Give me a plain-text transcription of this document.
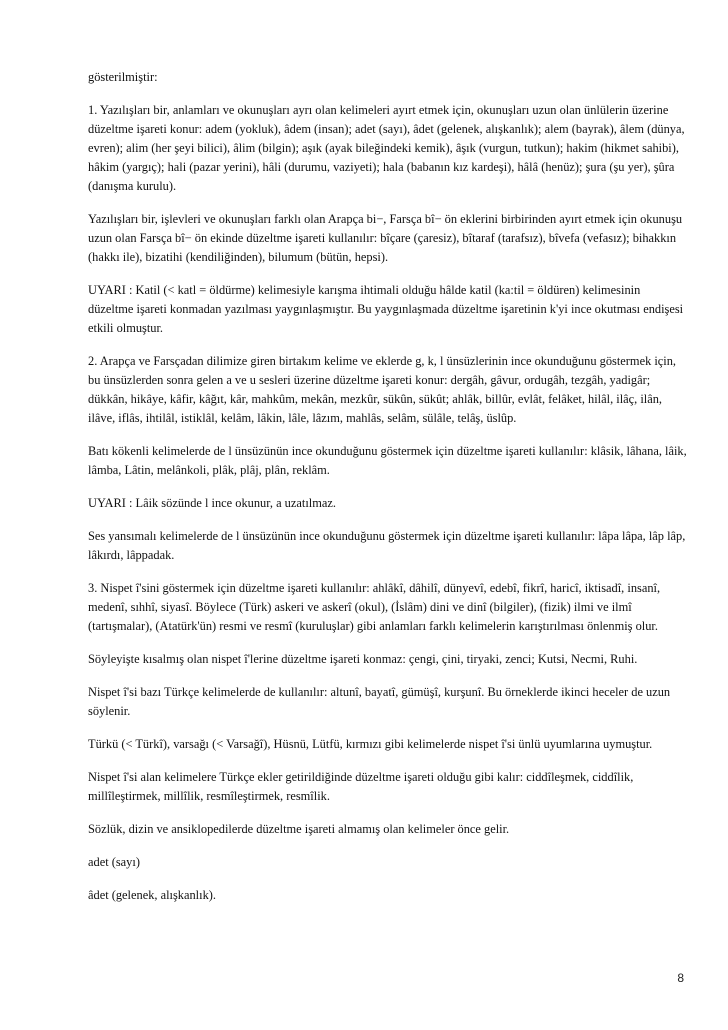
gösterilmiştir:

1. Yazılışları bir, anlamları ve okunuşları ayrı olan kelimeleri ayırt etmek için, okunuşları uzun olan ünlülerin üzerine düzeltme işareti konur: adem (yokluk), âdem (insan); adet (sayı), âdet (gelenek, alışkanlık); alem (bayrak), âlem (dünya, evren); alim (her şeyi bilici), âlim (bilgin); aşık (ayak bileğindeki kemik), âşık (vurgun, tutkun); hakim (hikmet sahibi), hâkim (yargıç); hali (pazar yerini), hâli (durumu, vaziyeti); hala (babanın kız kardeşi), hâlâ (henüz); şura (şu yer), şûra (danışma kurulu).

Yazılışları bir, işlevleri ve okunuşları farklı olan Arapça bi−, Farsça bî− ön eklerini birbirinden ayırt etmek için okunuşu uzun olan Farsça bî− ön ekinde düzeltme işareti kullanılır: bîçare (çaresiz), bîtaraf (tarafsız), bîvefa (vefasız); bihakkın (hakkı ile), bizatihi (kendiliğinden), bilumum (bütün, hepsi).

UYARI : Katil (< katl = öldürme) kelimesiyle karışma ihtimali olduğu hâlde katil (ka:til = öldüren) kelimesinin düzeltme işareti konmadan yazılması yaygınlaşmıştır. Bu yaygınlaşmada düzeltme işaretinin k'yi ince okutması endişesi etkili olmuştur.

2. Arapça ve Farsçadan dilimize giren birtakım kelime ve eklerde g, k, l ünsüzlerinin ince okunduğunu göstermek için, bu ünsüzlerden sonra gelen a ve u sesleri üzerine düzeltme işareti konur: dergâh, gâvur, ordugâh, tezgâh, yadigâr; dükkân, hikâye, kâfir, kâğıt, kâr, mahkûm, mekân, mezkûr, sükûn, sükût; ahlâk, billûr, evlât, felâket, hilâl, ilâç, ilân, ilâve, iflâs, ihtilâl, istiklâl, kelâm, lâkin, lâle, lâzım, mahlâs, selâm, sülâle, telâş, üslûp.

Batı kökenli kelimelerde de l ünsüzünün ince okunduğunu göstermek için düzeltme işareti kullanılır: klâsik, lâhana, lâik, lâmba, Lâtin, melânkoli, plâk, plâj, plân, reklâm.

UYARI : Lâik sözünde l ince okunur, a uzatılmaz.

Ses yansımalı kelimelerde de l ünsüzünün ince okunduğunu göstermek için düzeltme işareti kullanılır: lâpa lâpa, lâp lâp, lâkırdı, lâppadak.

3. Nispet î'sini göstermek için düzeltme işareti kullanılır: ahlâkî, dâhilî, dünyevî, edebî, fikrî, haricî, iktisadî, insanî, medenî, sıhhî, siyasî. Böylece (Türk) askeri ve askerî (okul), (İslâm) dini ve dinî (bilgiler), (fizik) ilmi ve ilmî (tartışmalar), (Atatürk'ün) resmi ve resmî (kuruluşlar) gibi anlamları farklı kelimelerin karıştırılması önlenmiş olur.

Söyleyişte kısalmış olan nispet î'lerine düzeltme işareti konmaz: çengi, çini, tiryaki, zenci; Kutsi, Necmi, Ruhi.

Nispet î'si bazı Türkçe kelimelerde de kullanılır: altunî, bayatî, gümüşî, kurşunî. Bu örneklerde ikinci heceler de uzun söylenir.

Türkü (< Türkî), varsağı (< Varsağî), Hüsnü, Lütfü, kırmızı gibi kelimelerde nispet î'si ünlü uyumlarına uymuştur.

Nispet î'si alan kelimelere Türkçe ekler getirildiğinde düzeltme işareti olduğu gibi kalır: ciddîleşmek, ciddîlik, millîleştirmek, millîlik, resmîleştirmek, resmîlik.

Sözlük, dizin ve ansiklopedilerde düzeltme işareti almamış olan kelimeler önce gelir.

adet (sayı)

âdet (gelenek, alışkanlık).

8
